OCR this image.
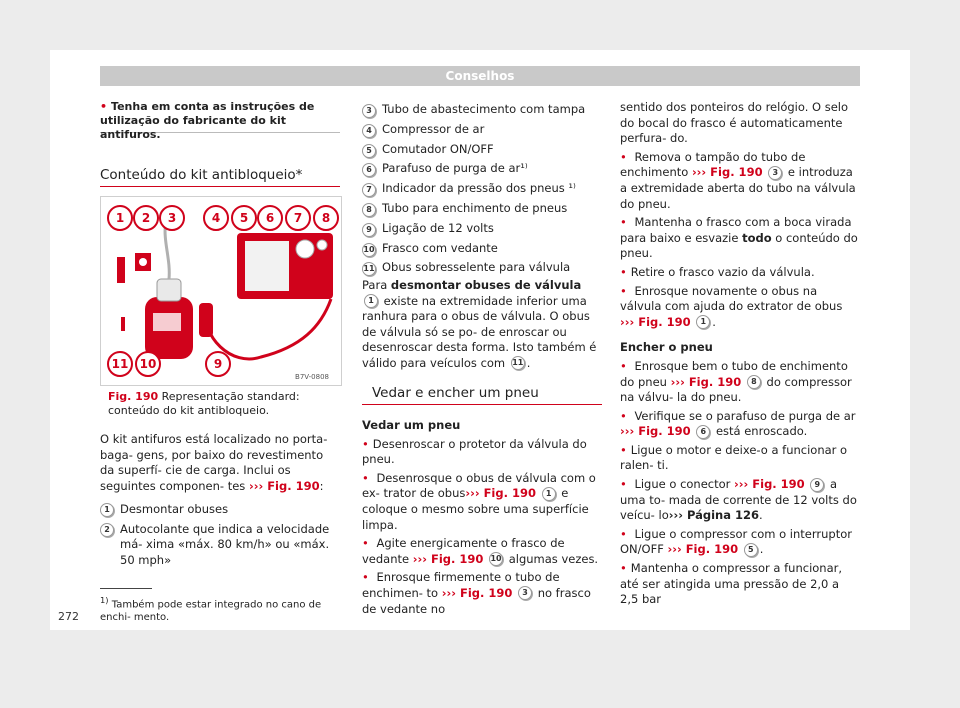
Conselhos
• Tenha em conta as instruções de utilização do fabricante do kit antifuros.
Conteúdo do kit antibloqueio*
B7V-0808
1	2	3	4	5	6	7	8
11 10	9
Fig. 190 Representação standard: conteúdo do kit antibloqueio.
O kit antifuros está localizado no porta-baga- gens, por baixo do revestimento da superfí- cie de carga. Inclui os seguintes componen- tes ››› Fig. 190:
1 Desmontar obuses
2 Autocolante que indica a velocidade má- xima «máx. 80 km/h» ou «máx. 50 mph»
3 Tubo de abastecimento com tampa
4 Compressor de ar
5 Comutador ON/OFF
6 Parafuso de purga de ar¹⁾
7 Indicador da pressão dos pneus ¹⁾
8 Tubo para enchimento de pneus
9 Ligação de 12 volts
10 Frasco com vedante
11 Obus sobresselente para válvula
Para desmontar obuses de válvula 1 existe na extremidade inferior uma ranhura para o obus de válvula. O obus de válvula só se po- de enroscar ou desenroscar desta forma. Isto também é válido para veículos com 11 .
Vedar e encher um pneu
Vedar um pneu
• Desenroscar o protetor da válvula do pneu.
• Desenrosque o obus de válvula com o ex- trator de obus››› Fig. 190 1 e coloque o mesmo sobre uma superfície limpa.
• Agite energicamente o frasco de vedante ››› Fig. 190 10 algumas vezes.
• Enrosque firmemente o tubo de enchimen- to ››› Fig. 190 3 no frasco de vedante no
sentido dos ponteiros do relógio. O selo do bocal do frasco é automaticamente perfura- do.
• Remova o tampão do tubo de enchimento ››› Fig. 190 3 e introduza a extremidade aberta do tubo na válvula do pneu.
• Mantenha o frasco com a boca virada para baixo e esvazie todo o conteúdo do pneu.
• Retire o frasco vazio da válvula.
• Enrosque novamente o obus na válvula com ajuda do extrator de obus ››› Fig. 190 1 .
Encher o pneu
• Enrosque bem o tubo de enchimento do pneu ››› Fig. 190 8 do compressor na válvu- la do pneu.
• Verifique se o parafuso de purga de ar ››› Fig. 190 6 está enroscado.
• Ligue o motor e deixe-o a funcionar o ralen- ti.
• Ligue o conector ››› Fig. 190 9 a uma to- mada de corrente de 12 volts do veícu- lo››› Página 126.
• Ligue o compressor com o interruptor ON/OFF ››› Fig. 190 5 .
• Mantenha o compressor a funcionar, até ser atingida uma pressão de 2,0 a 2,5 bar
$^{1)}$ Também pode estar integrado no cano de enchi- mento.
272
